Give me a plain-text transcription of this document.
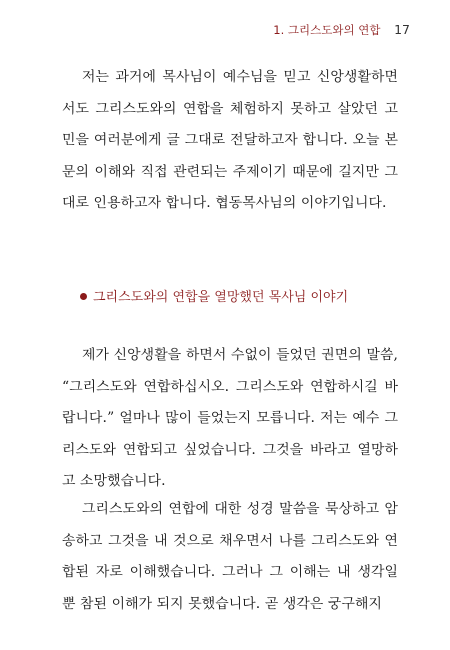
1. 그리스도와의 연합 17

저는 과거에 목사님이 예수님을 믿고 신앙생활하면서도 그리스도와의 연합을 체험하지 못하고 살았던 고민을 여러분에게 글 그대로 전달하고자 합니다. 오늘 본문의 이해와 직접 관련되는 주제이기 때문에 길지만 그대로 인용하고자 합니다. 협동목사님의 이야기입니다.

그리스도와의 연합을 열망했던 목사님 이야기

제가 신앙생활을 하면서 수없이 들었던 권면의 말씀, “그리스도와 연합하십시오. 그리스도와 연합하시길 바랍니다.” 얼마나 많이 들었는지 모릅니다. 저는 예수 그리스도와 연합되고 싶었습니다. 그것을 바라고 열망하고 소망했습니다.

그리스도와의 연합에 대한 성경 말씀을 묵상하고 암송하고 그것을 내 것으로 채우면서 나를 그리스도와 연합된 자로 이해했습니다. 그러나 그 이해는 내 생각일 뿐 참된 이해가 되지 못했습니다. 곧 생각은 궁구해지
